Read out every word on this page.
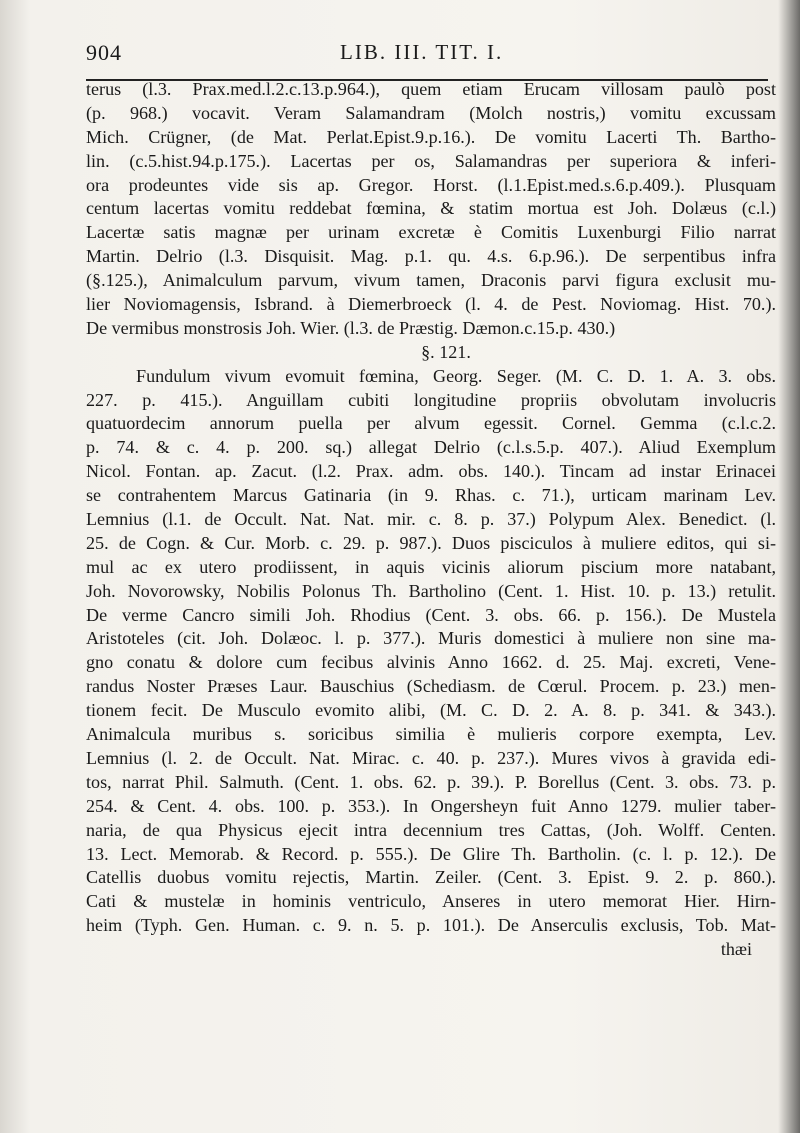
904	LIB. III. TIT. I.
terus (l.3. Prax.med.l.2.c.13.p.964.), quem etiam Erucam villosam paulò post
(p. 968.) vocavit. Veram Salamandram (Molch nostris,) vomitu excussam
Mich. Crügner, (de Mat. Perlat.Epist.9.p.16.). De vomitu Lacerti Th. Bartho-
lin. (c.5.hist.94.p.175.). Lacertas per os, Salamandras per superiora & inferi-
ora prodeuntes vide sis ap. Gregor. Horst. (l.1.Epist.med.s.6.p.409.). Plusquam
centum lacertas vomitu reddebat fœmina, & statim mortua est Joh. Dolæus (c.l.)
Lacertæ satis magnæ per urinam excretæ è Comitis Luxenburgi Filio narrat
Martin. Delrio (l.3. Disquisit. Mag. p.1. qu. 4.s. 6.p.96.). De serpentibus infra
(§.125.), Animalculum parvum, vivum tamen, Draconis parvi figura exclusit mu-
lier Noviomagensis, Isbrand. à Diemerbroeck (l. 4. de Pest. Noviomag. Hist. 70.).
De vermibus monstrosis Joh. Wier. (l.3. de Præstig. Dæmon.c.15.p. 430.)
§. 121.
Fundulum vivum evomuit fœmina, Georg. Seger. (M. C. D. 1. A. 3. obs.
227. p. 415.). Anguillam cubiti longitudine propriis obvolutam involucris
quatuordecim annorum puella per alvum egessit. Cornel. Gemma (c.l.c.2.
p. 74. & c. 4. p. 200. sq.) allegat Delrio (c.l.s.5.p. 407.). Aliud Exemplum
Nicol. Fontan. ap. Zacut. (l.2. Prax. adm. obs. 140.). Tincam ad instar Erinacei
se contrahentem Marcus Gatinaria (in 9. Rhas. c. 71.), urticam marinam Lev.
Lemnius (l.1. de Occult. Nat. Nat. mir. c. 8. p. 37.) Polypum Alex. Benedict. (l.
25. de Cogn. & Cur. Morb. c. 29. p. 987.). Duos pisciculos à muliere editos, qui si-
mul ac ex utero prodiissent, in aquis vicinis aliorum piscium more natabant,
Joh. Novorowsky, Nobilis Polonus Th. Bartholino (Cent. 1. Hist. 10. p. 13.) retulit.
De verme Cancro simili Joh. Rhodius (Cent. 3. obs. 66. p. 156.). De Mustela
Aristoteles (cit. Joh. Dolæoc. l. p. 377.). Muris domestici à muliere non sine ma-
gno conatu & dolore cum fecibus alvinis Anno 1662. d. 25. Maj. excreti, Vene-
randus Noster Præses Laur. Bauschius (Schediasm. de Cœrul. Procem. p. 23.) men-
tionem fecit. De Musculo evomito alibi, (M. C. D. 2. A. 8. p. 341. & 343.).
Animalcula muribus s. soricibus similia è mulieris corpore exempta, Lev.
Lemnius (l. 2. de Occult. Nat. Mirac. c. 40. p. 237.). Mures vivos à gravida edi-
tos, narrat Phil. Salmuth. (Cent. 1. obs. 62. p. 39.). P. Borellus (Cent. 3. obs. 73. p.
254. & Cent. 4. obs. 100. p. 353.). In Ongersheyn fuit Anno 1279. mulier taber-
naria, de qua Physicus ejecit intra decennium tres Cattas, (Joh. Wolff. Centen.
13. Lect. Memorab. & Record. p. 555.). De Glire Th. Bartholin. (c. l. p. 12.). De
Catellis duobus vomitu rejectis, Martin. Zeiler. (Cent. 3. Epist. 9. 2. p. 860.).
Cati & mustelæ in hominis ventriculo, Anseres in utero memorat Hier. Hirn-
heim (Typh. Gen. Human. c. 9. n. 5. p. 101.). De Anserculis exclusis, Tob. Mat-
thæi
